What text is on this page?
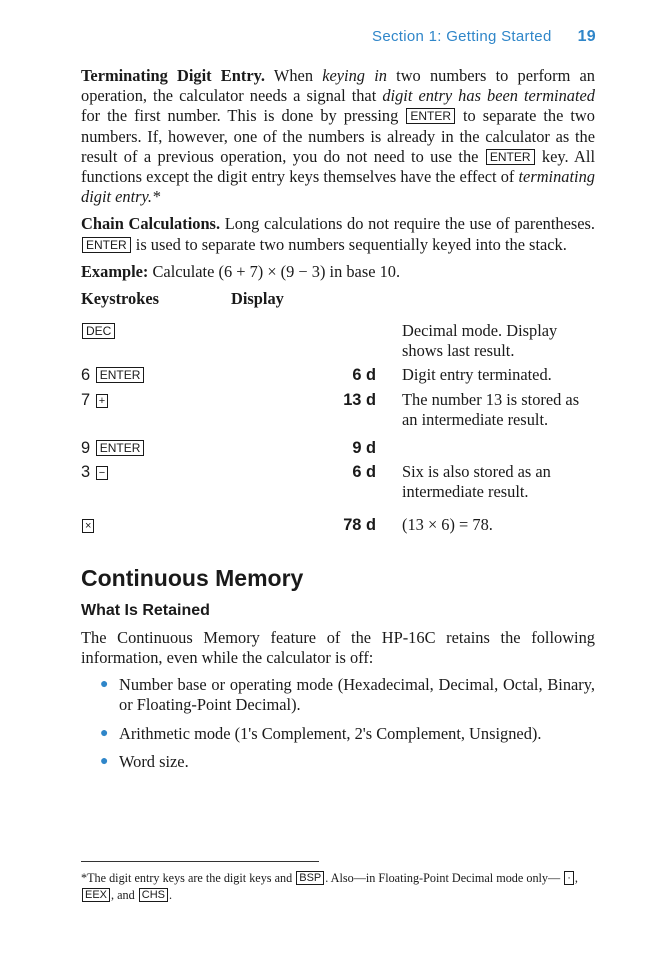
Section 1: Getting Started 19

Terminating Digit Entry. When keying in two numbers to perform an operation, the calculator needs a signal that digit entry has been terminated for the first number. This is done by pressing ENTER to separate the two numbers. If, however, one of the numbers is already in the calculator as the result of a previous operation, you do not need to use the ENTER key. All functions except the digit entry keys themselves have the effect of terminating digit entry.*

Chain Calculations. Long calculations do not require the use of parentheses. ENTER is used to separate two numbers sequentially keyed into the stack.

Example: Calculate (6 + 7) × (9 − 3) in base 10.

Keystrokes	Display	
DEC		Decimal mode. Display shows last result.
6 ENTER	6 d	Digit entry terminated.
7 +	13 d	The number 13 is stored as an intermediate result.
9 ENTER	9 d	
3 −	6 d	Six is also stored as an intermediate result.
×	78 d	(13 × 6) = 78.
Continuous Memory
What Is Retained

The Continuous Memory feature of the HP-16C retains the following information, even while the calculator is off:

● Number base or operating mode (Hexadecimal, Decimal, Octal, Binary, or Floating-Point Decimal).
● Arithmetic mode (1's Complement, 2's Complement, Unsigned).
● Word size.
*The digit entry keys are the digit keys and BSP . Also—in Floating-Point Decimal mode only— · , EEX , and CHS .
